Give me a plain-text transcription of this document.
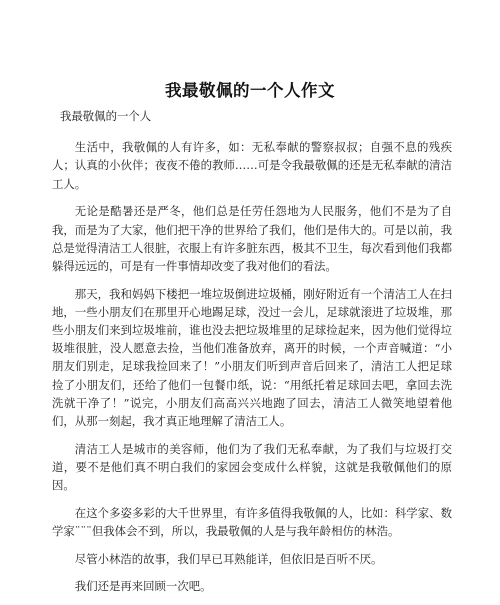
我最敬佩的一个人作文

我最敬佩的一个人

生活中，我敬佩的人有许多，如：无私奉献的警察叔叔；自强不息的残疾人；认真的小伙伴；夜夜不倦的教师……可是令我最敬佩的还是无私奉献的清洁工人。

无论是酷暑还是严冬，他们总是任劳任怨地为人民服务，他们不是为了自我，而是为了大家，他们把干净的世界给了我们，他们是伟大的。可是以前，我总是觉得清洁工人很脏，衣服上有许多脏东西，极其不卫生，每次看到他们我都躲得远远的，可是有一件事情却改变了我对他们的看法。

那天，我和妈妈下楼把一堆垃圾倒进垃圾桶，刚好附近有一个清洁工人在扫地，一些小朋友们在那里开心地踢足球，没过一会儿，足球就滚进了垃圾堆，那些小朋友们来到垃圾堆前，谁也没去把垃圾堆里的足球捡起来，因为他们觉得垃圾堆很脏，没人愿意去捡，当他们准备放弃，离开的时候，一个声音喊道：“小朋友们别走，足球我捡回来了！”小朋友们听到声音后回来了，清洁工人把足球捡了小朋友们，还给了他们一包餐巾纸，说：“用纸托着足球回去吧，拿回去洗洗就干净了！”说完，小朋友们高高兴兴地跑了回去，清洁工人微笑地望着他们，从那一刻起，我才真正地理解了清洁工人。

清洁工人是城市的美容师，他们为了我们无私奉献，为了我们与垃圾打交道，要不是他们真不明白我们的家园会变成什么样貌，这就是我敬佩他们的原因。

在这个多姿多彩的大千世界里，有许多值得我敬佩的人，比如：科学家、数学家¨¨¨但我体会不到，所以，我最敬佩的人是与我年龄相仿的林浩。

尽管小林浩的故事，我们早已耳熟能详，但依旧是百听不厌。

我们还是再来回顾一次吧。
